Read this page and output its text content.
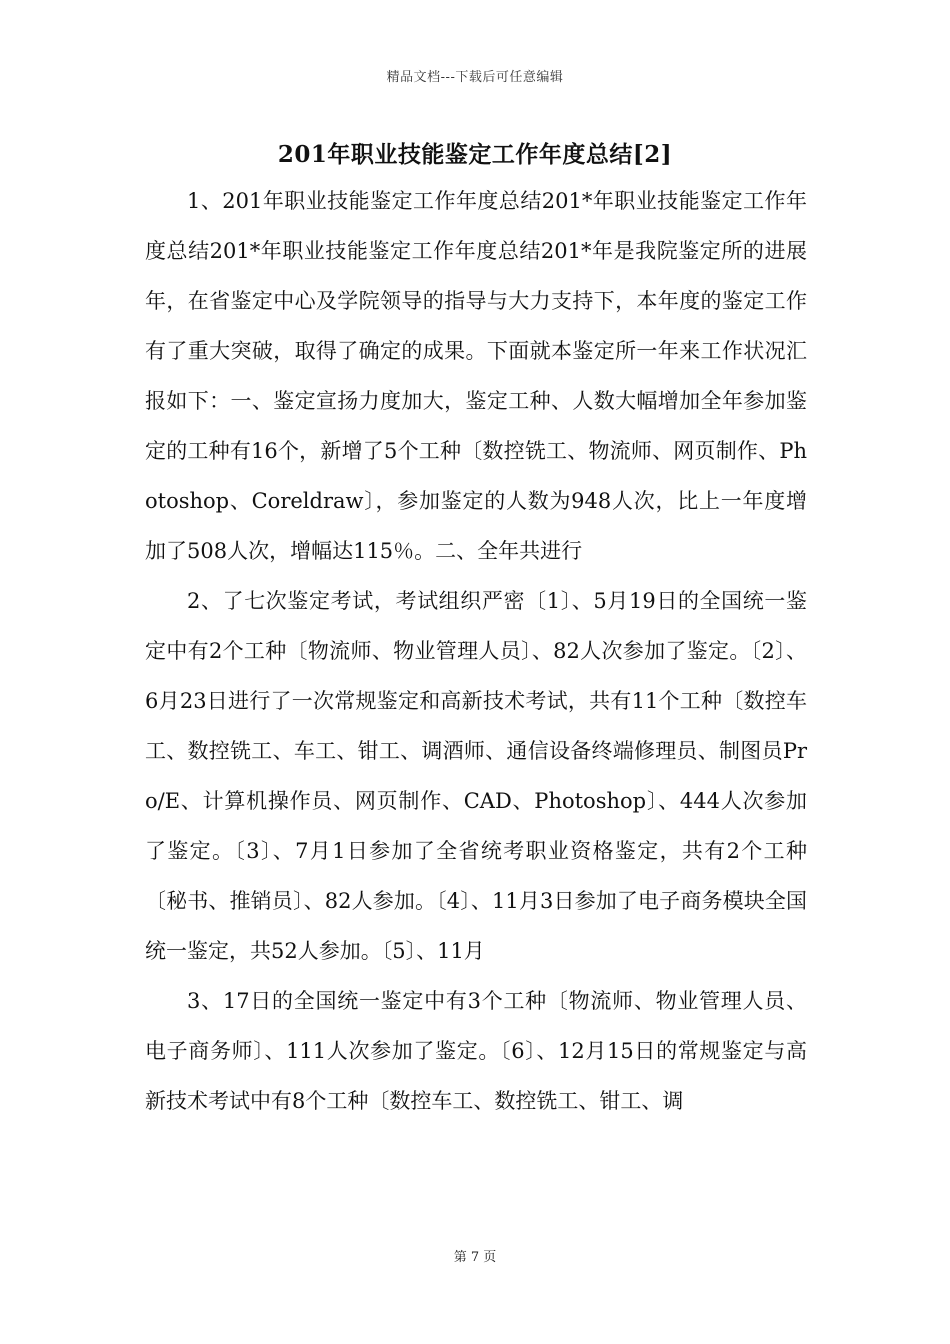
精品文档---下载后可任意编辑
201年职业技能鉴定工作年度总结[2]

1、201年职业技能鉴定工作年度总结201*年职业技能鉴定工作年度总结201*年职业技能鉴定工作年度总结201*年是我院鉴定所的进展年，在省鉴定中心及学院领导的指导与大力支持下，本年度的鉴定工作有了重大突破，取得了确定的成果。下面就本鉴定所一年来工作状况汇报如下：一、鉴定宣扬力度加大，鉴定工种、人数大幅增加全年参加鉴定的工种有16个，新增了5个工种〔数控铣工、物流师、网页制作、Photoshop、Coreldraw〕，参加鉴定的人数为948人次，比上一年度增加了508人次，增幅达115％。二、全年共进行

2、了七次鉴定考试，考试组织严密〔1〕、5月19日的全国统一鉴定中有2个工种〔物流师、物业管理人员〕、82人次参加了鉴定。〔2〕、6月23日进行了一次常规鉴定和高新技术考试，共有11个工种〔数控车工、数控铣工、车工、钳工、调酒师、通信设备终端修理员、制图员Pro/E、计算机操作员、网页制作、CAD、Photoshop〕、444人次参加了鉴定。〔3〕、7月1日参加了全省统考职业资格鉴定，共有2个工种〔秘书、推销员〕、82人参加。〔4〕、11月3日参加了电子商务模块全国统一鉴定，共52人参加。〔5〕、11月

3、17日的全国统一鉴定中有3个工种〔物流师、物业管理人员、电子商务师〕、111人次参加了鉴定。〔6〕、12月15日的常规鉴定与高新技术考试中有8个工种〔数控车工、数控铣工、钳工、调

第 7 页
